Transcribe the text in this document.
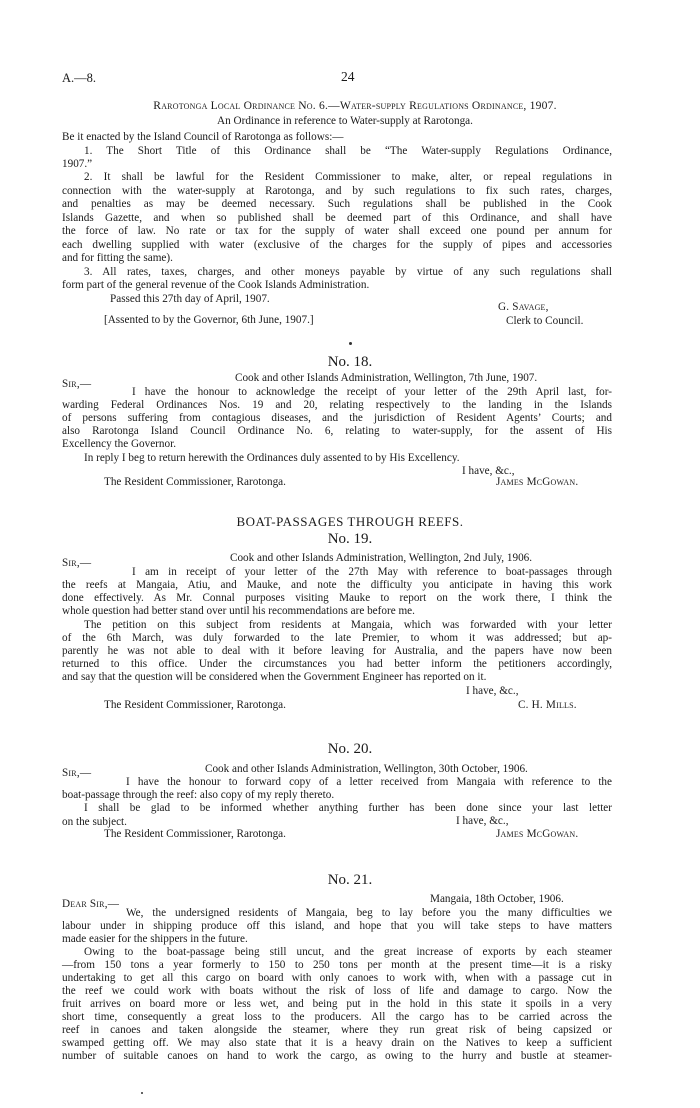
A.—8.	24
Rarotonga Local Ordinance No. 6.—Water-supply Regulations Ordinance, 1907.
An Ordinance in reference to Water-supply at Rarotonga.
Be it enacted by the Island Council of Rarotonga as follows:—
1. The Short Title of this Ordinance shall be “The Water-supply Regulations Ordinance,
1907.”
2. It shall be lawful for the Resident Commissioner to make, alter, or repeal regulations in
connection with the water-supply at Rarotonga, and by such regulations to fix such rates, charges,
and penalties as may be deemed necessary. Such regulations shall be published in the Cook
Islands Gazette, and when so published shall be deemed part of this Ordinance, and shall have
the force of law. No rate or tax for the supply of water shall exceed one pound per annum for
each dwelling supplied with water (exclusive of the charges for the supply of pipes and accessories
and for fitting the same).
3. All rates, taxes, charges, and other moneys payable by virtue of any such regulations shall
form part of the general revenue of the Cook Islands Administration.
Passed this 27th day of April, 1907.
G. Savage,
[Assented to by the Governor, 6th June, 1907.]	Clerk to Council.
No. 18.
Sir,—	Cook and other Islands Administration, Wellington, 7th June, 1907.
I have the honour to acknowledge the receipt of your letter of the 29th April last, for-
warding Federal Ordinances Nos. 19 and 20, relating respectively to the landing in the Islands
of persons suffering from contagious diseases, and the jurisdiction of Resident Agents’ Courts; and
also Rarotonga Island Council Ordinance No. 6, relating to water-supply, for the assent of His
Excellency the Governor.
In reply I beg to return herewith the Ordinances duly assented to by His Excellency.
I have, &c.,
The Resident Commissioner, Rarotonga.	James McGowan.
BOAT-PASSAGES THROUGH REEFS.
No. 19.
Sir,—	Cook and other Islands Administration, Wellington, 2nd July, 1906.
I am in receipt of your letter of the 27th May with reference to boat-passages through
the reefs at Mangaia, Atiu, and Mauke, and note the difficulty you anticipate in having this work
done effectively. As Mr. Connal purposes visiting Mauke to report on the work there, I think the
whole question had better stand over until his recommendations are before me.
The petition on this subject from residents at Mangaia, which was forwarded with your letter
of the 6th March, was duly forwarded to the late Premier, to whom it was addressed; but ap-
parently he was not able to deal with it before leaving for Australia, and the papers have now been
returned to this office. Under the circumstances you had better inform the petitioners accordingly,
and say that the question will be considered when the Government Engineer has reported on it.
I have, &c.,
The Resident Commissioner, Rarotonga.	C. H. Mills.
No. 20.
Sir,—	Cook and other Islands Administration, Wellington, 30th October, 1906.
I have the honour to forward copy of a letter received from Mangaia with reference to the
boat-passage through the reef: also copy of my reply thereto.
I shall be glad to be informed whether anything further has been done since your last letter
on the subject.	I have, &c.,
The Resident Commissioner, Rarotonga.	James McGowan.
No. 21.
Dear Sir,—	Mangaia, 18th October, 1906.
We, the undersigned residents of Mangaia, beg to lay before you the many difficulties we
labour under in shipping produce off this island, and hope that you will take steps to have matters
made easier for the shippers in the future.
Owing to the boat-passage being still uncut, and the great increase of exports by each steamer
—from 150 tons a year formerly to 150 to 250 tons per month at the present time—it is a risky
undertaking to get all this cargo on board with only canoes to work with, when with a passage cut in
the reef we could work with boats without the risk of loss of life and damage to cargo. Now the
fruit arrives on board more or less wet, and being put in the hold in this state it spoils in a very
short time, consequently a great loss to the producers. All the cargo has to be carried across the
reef in canoes and taken alongside the steamer, where they run great risk of being capsized or
swamped getting off. We may also state that it is a heavy drain on the Natives to keep a sufficient
number of suitable canoes on hand to work the cargo, as owing to the hurry and bustle at steamer-
